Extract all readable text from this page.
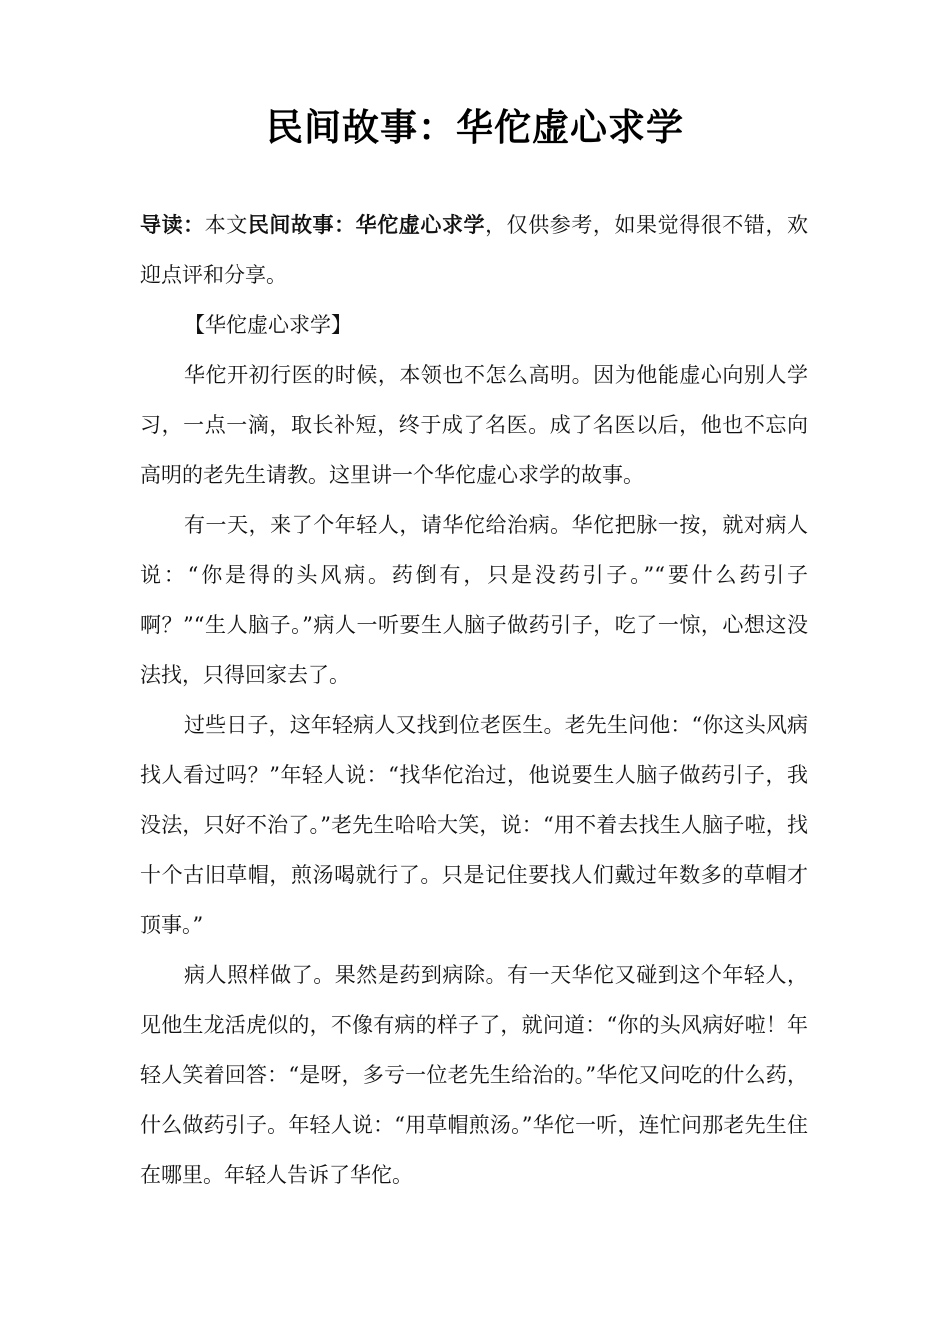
民间故事：华佗虚心求学

导读：本文民间故事：华佗虚心求学，仅供参考，如果觉得很不错，欢迎点评和分享。

【华佗虚心求学】

华佗开初行医的时候，本领也不怎么高明。因为他能虚心向别人学习，一点一滴，取长补短，终于成了名医。成了名医以后，他也不忘向高明的老先生请教。这里讲一个华佗虚心求学的故事。

有一天，来了个年轻人，请华佗给治病。华佗把脉一按，就对病人说：“你是得的头风病。药倒有，只是没药引子。”“要什么药引子啊？”“生人脑子。”病人一听要生人脑子做药引子，吃了一惊，心想这没法找，只得回家去了。

过些日子，这年轻病人又找到位老医生。老先生问他：“你这头风病找人看过吗？”年轻人说：“找华佗治过，他说要生人脑子做药引子，我没法，只好不治了。”老先生哈哈大笑，说：“用不着去找生人脑子啦，找十个古旧草帽，煎汤喝就行了。只是记住要找人们戴过年数多的草帽才顶事。”

病人照样做了。果然是药到病除。有一天华佗又碰到这个年轻人，见他生龙活虎似的，不像有病的样子了，就问道：“你的头风病好啦！年轻人笑着回答：“是呀，多亏一位老先生给治的。”华佗又问吃的什么药，什么做药引子。年轻人说：“用草帽煎汤。”华佗一听，连忙问那老先生住在哪里。年轻人告诉了华佗。
